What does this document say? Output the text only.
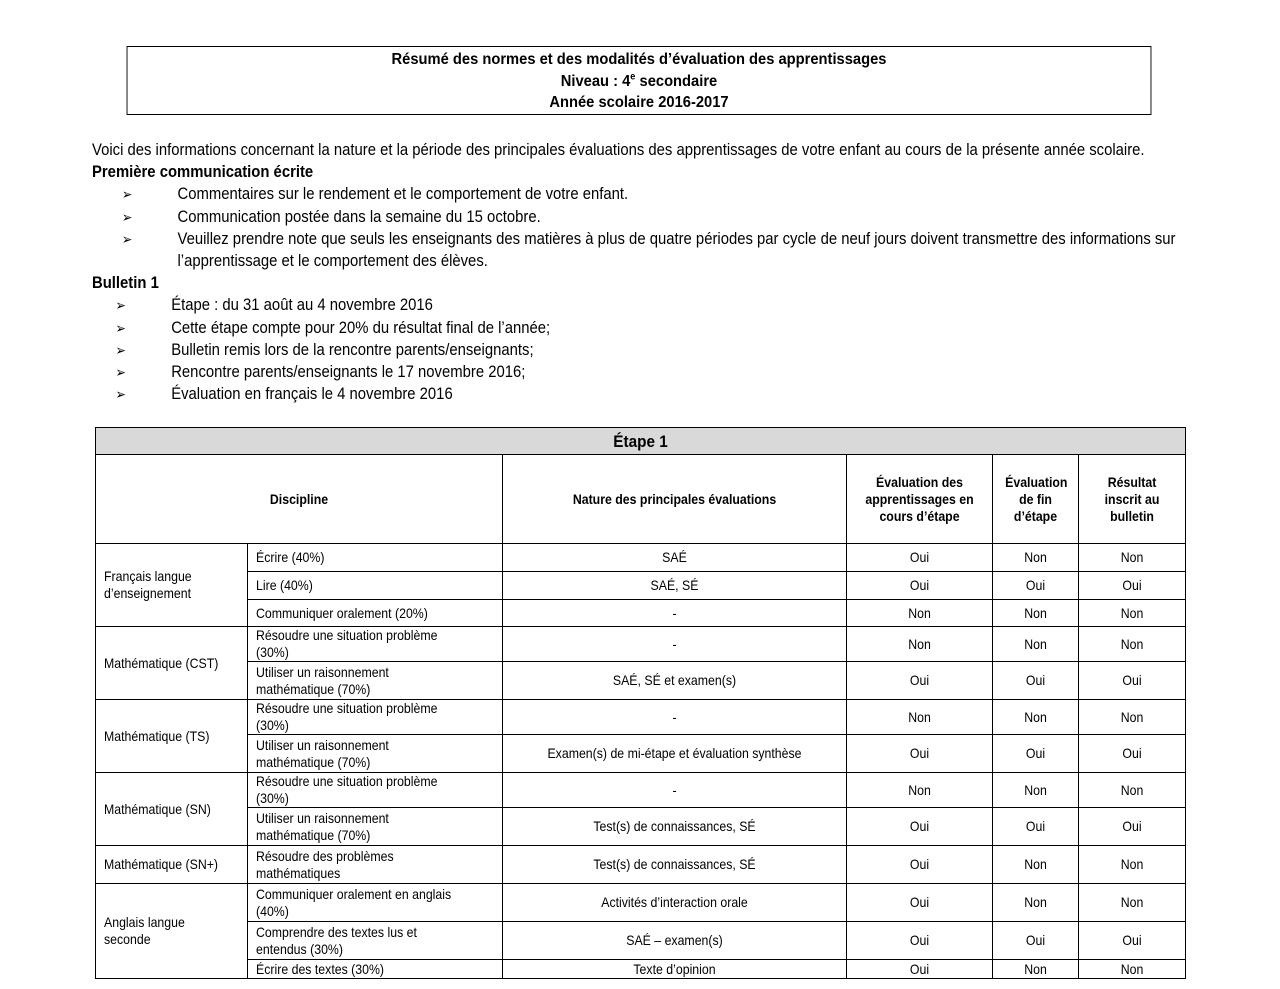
Résumé des normes et des modalités d’évaluation des apprentissages
Niveau : 4e secondaire
Année scolaire 2016-2017

Voici des informations concernant la nature et la période des principales évaluations des apprentissages de votre enfant au cours de la présente année scolaire.

Première communication écrite

➢	Commentaires sur le rendement et le comportement de votre enfant.
➢	Communication postée dans la semaine du 15 octobre.
➢	Veuillez prendre note que seuls les enseignants des matières à plus de quatre périodes par cycle de neuf jours doivent transmettre des informations sur l’apprentissage et le comportement des élèves.

Bulletin 1

➢	Étape : du 31 août au 4 novembre 2016
➢	Cette étape compte pour 20% du résultat final de l’année;
➢	Bulletin remis lors de la rencontre parents/enseignants;
➢	Rencontre parents/enseignants le 17 novembre 2016;
➢	Évaluation en français le 4 novembre 2016
Étape 1					

Discipline		Nature des principales évaluations	Évaluation des apprentissages en cours d’étape	Évaluation de fin d’étape	Résultat inscrit au bulletin

Français langue d’enseignement	Écrire (40%)	SAÉ	Oui	Non	Non

	Lire (40%)	SAÉ, SÉ	Oui	Oui	Oui

	Communiquer oralement (20%)	-	Non	Non	Non

Mathématique (CST)	Résoudre une situation problème (30%)	-	Non	Non	Non

	Utiliser un raisonnement mathématique (70%)	SAÉ, SÉ et examen(s)	Oui	Oui	Oui

Mathématique (TS)	Résoudre une situation problème (30%)	-	Non	Non	Non

	Utiliser un raisonnement mathématique (70%)	Examen(s) de mi-étape et évaluation synthèse	Oui	Oui	Oui

Mathématique (SN)	Résoudre une situation problème (30%)	-	Non	Non	Non

	Utiliser un raisonnement mathématique (70%)	Test(s) de connaissances, SÉ	Oui	Oui	Oui

Mathématique (SN+)	Résoudre des problèmes mathématiques	Test(s) de connaissances, SÉ	Oui	Non	Non

Anglais langue seconde	Communiquer oralement en anglais (40%)	Activités d’interaction orale	Oui	Non	Non

	Comprendre des textes lus et entendus (30%)	SAÉ – examen(s)	Oui	Oui	Oui

	Écrire des textes (30%)	Texte d’opinion	Oui	Non	Non
